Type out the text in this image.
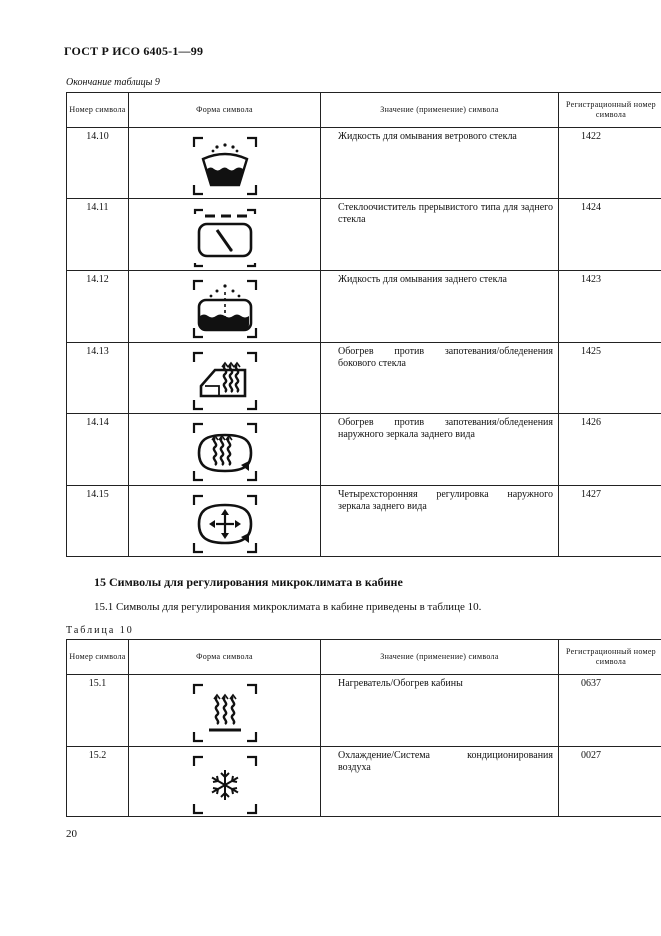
ГОСТ Р ИСО 6405-1—99
Окончание таблицы 9
Номер символа	Форма символа	Значение (применение) символа	Регистрационный номер символа
14.10		Жидкость для омывания ветрового стекла	1422
14.11		Стеклоочиститель прерывистого типа для заднего стекла	1424
14.12		Жидкость для омывания заднего стекла	1423
14.13		Обогрев против запотевания/обледенения бокового стекла	1425
14.14		Обогрев против запотевания/обледенения наружного зеркала заднего вида	1426
14.15		Четырехсторонняя регулировка наружного зеркала заднего вида	1427
15 Символы для регулирования микроклимата в кабине
15.1 Символы для регулирования микроклимата в кабине приведены в таблице 10.
Таблица 10
Номер символа	Форма символа	Значение (применение) символа	Регистрационный номер символа
15.1		Нагреватель/Обогрев кабины	0637
15.2		Охлаждение/Система кондиционирования воздуха	0027
20
